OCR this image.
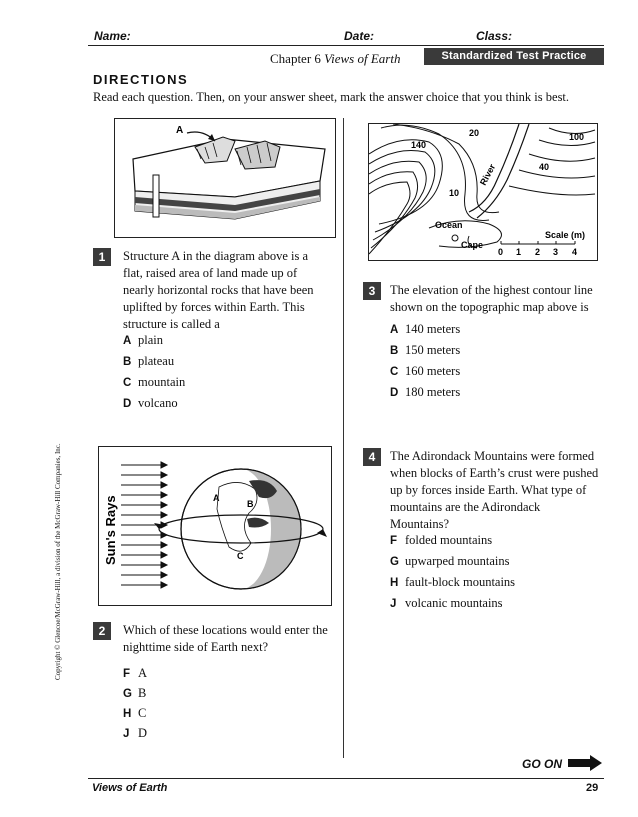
Name:	Date:	Class:
Chapter 6 Views of Earth	Standardized Test Practice
DIRECTIONS
Read each question. Then, on your answer sheet, mark the answer choice that you think is best.
A
140
20	100
40
10
River
Ocean
Cape
Scale (m)
0 1 2 3 4
1	Structure A in the diagram above is a
flat, raised area of land made up of
nearly horizontal rocks that have been
uplifted by forces within Earth. This
structure is called a
A plain
B plateau
C mountain
D volcano
Sun's Rays	A
B
C
2	Which of these locations would enter the
nighttime side of Earth next?
F A
G B
H C
J D
3	The elevation of the highest contour line
shown on the topographic map above is
A 140 meters
B 150 meters
C 160 meters
D 180 meters
4	The Adirondack Mountains were formed
when blocks of Earth’s crust were pushed
up by forces inside Earth. What type of
mountains are the Adirondack
Mountains?
F folded mountains
G upwarped mountains
H fault-block mountains
J volcanic mountains
Copyright © Glencoe/McGraw-Hill, a division of the McGraw-Hill Companies, Inc.
GO ON
Views of Earth	29
